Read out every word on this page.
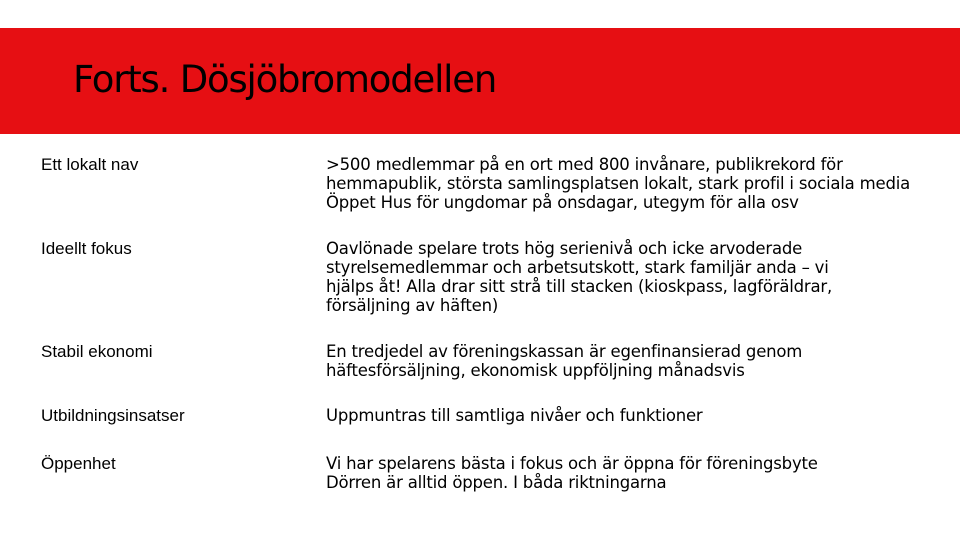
Forts. Dösjöbromodellen
Ett lokalt nav	>500 medlemmar på en ort med 800 invånare, publikrekord för
hemmapublik, största samlingsplatsen lokalt, stark profil i sociala media
Öppet Hus för ungdomar på onsdagar, utegym för alla osv
Ideellt fokus	Oavlönade spelare trots hög serienivå och icke arvoderade
styrelsemedlemmar och arbetsutskott, stark familjär anda – vi
hjälps åt! Alla drar sitt strå till stacken (kioskpass, lagföräldrar,
försäljning av häften)
Stabil ekonomi	En tredjedel av föreningskassan är egenfinansierad genom
häftesförsäljning, ekonomisk uppföljning månadsvis
Utbildningsinsatser	Uppmuntras till samtliga nivåer och funktioner
Öppenhet	Vi har spelarens bästa i fokus och är öppna för föreningsbyte
Dörren är alltid öppen. I båda riktningarna
